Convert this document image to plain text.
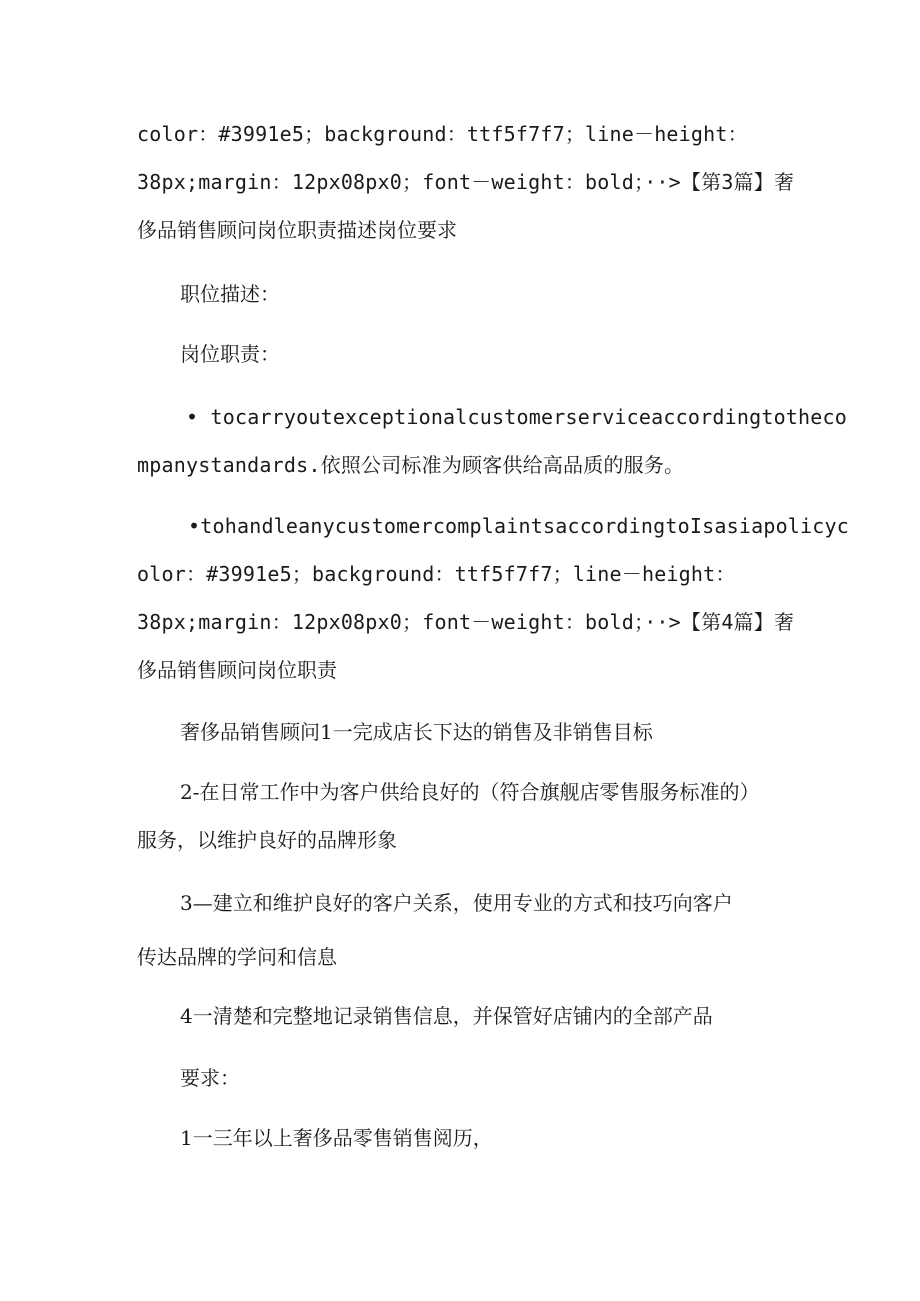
color：#3991e5；background：ttf5f7f7；line－height：
38px;margin：12px08px0；font－weight：bold；··>【第3篇】奢
侈品销售顾问岗位职责描述岗位要求
职位描述：
岗位职责：
• tocarryoutexceptionalcustomerserviceaccordingtotheco
mpanystandards.依照公司标准为顾客供给高品质的服务。
•tohandleanycustomercomplaintsaccordingtoIsasiapolicyc
olor：#3991e5；background：ttf5f7f7；line－height：
38px;margin：12px08px0；font－weight：bold；··>【第4篇】奢
侈品销售顾问岗位职责
奢侈品销售顾问1一完成店长下达的销售及非销售目标
2-在日常工作中为客户供给良好的（符合旗舰店零售服务标准的）
服务，以维护良好的品牌形象
3—建立和维护良好的客户关系，使用专业的方式和技巧向客户
传达品牌的学问和信息
4一清楚和完整地记录销售信息，并保管好店铺内的全部产品
要求：
1一三年以上奢侈品零售销售阅历，
